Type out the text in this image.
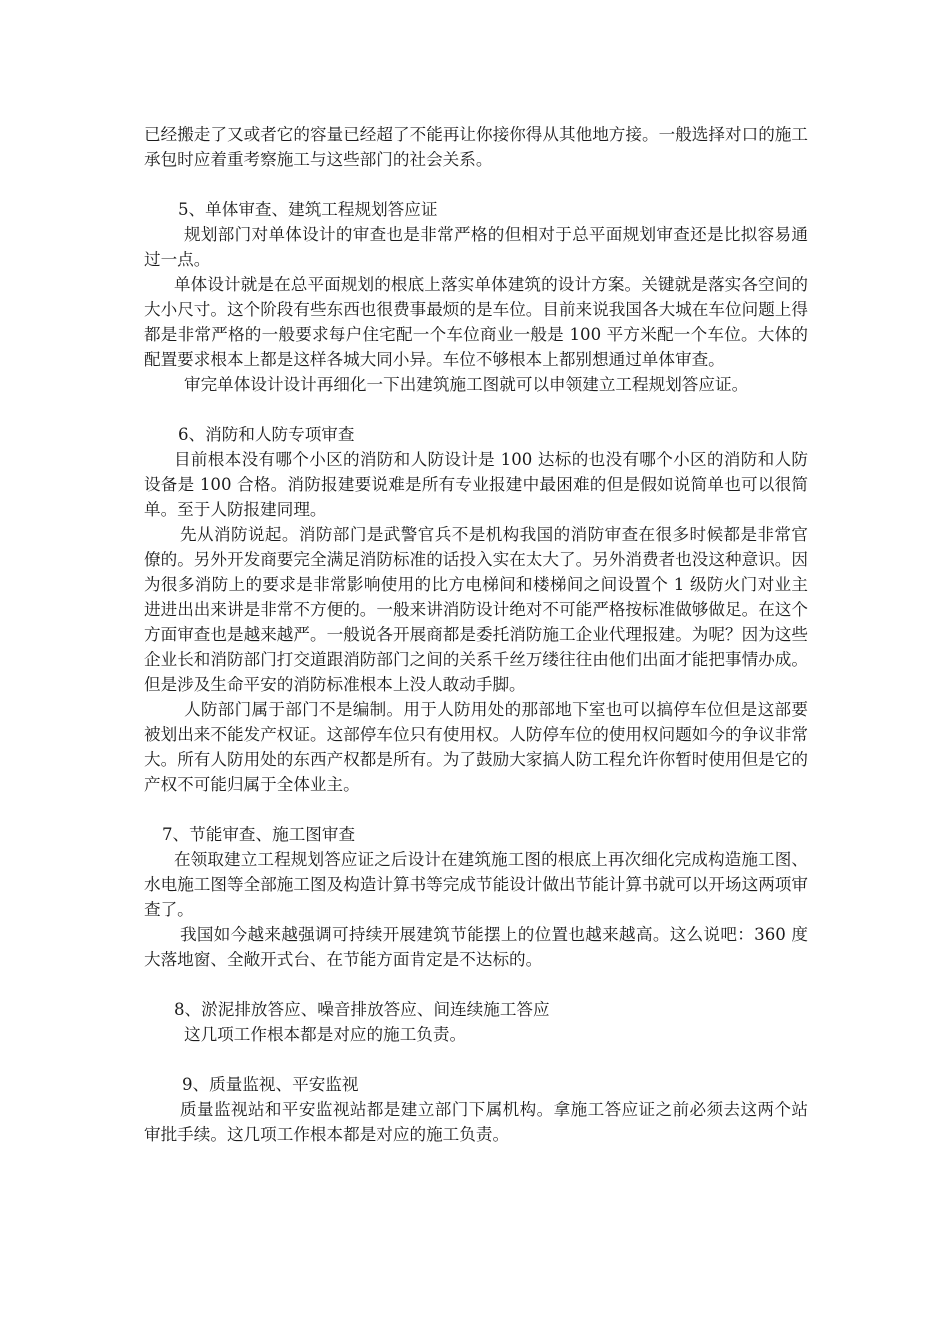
已经搬走了又或者它的容量已经超了不能再让你接你得从其他地方接。一般选择对口的施工承包时应着重考察施工与这些部门的社会关系。

5、单体审查、建筑工程规划答应证

规划部门对单体设计的审查也是非常严格的但相对于总平面规划审查还是比拟容易通过一点。

单体设计就是在总平面规划的根底上落实单体建筑的设计方案。关键就是落实各空间的大小尺寸。这个阶段有些东西也很费事最烦的是车位。目前来说我国各大城在车位问题上得都是非常严格的一般要求每户住宅配一个车位商业一般是 100 平方米配一个车位。大体的配置要求根本上都是这样各城大同小异。车位不够根本上都别想通过单体审查。

审完单体设计设计再细化一下出建筑施工图就可以申领建立工程规划答应证。

6、消防和人防专项审查

目前根本没有哪个小区的消防和人防设计是 100 达标的也没有哪个小区的消防和人防设备是 100 合格。消防报建要说难是所有专业报建中最困难的但是假如说简单也可以很简单。至于人防报建同理。

先从消防说起。消防部门是武警官兵不是机构我国的消防审查在很多时候都是非常官僚的。另外开发商要完全满足消防标准的话投入实在太大了。另外消费者也没这种意识。因为很多消防上的要求是非常影响使用的比方电梯间和楼梯间之间设置个 1 级防火门对业主进进出出来讲是非常不方便的。一般来讲消防设计绝对不可能严格按标准做够做足。在这个方面审查也是越来越严。一般说各开展商都是委托消防施工企业代理报建。为呢？因为这些企业长和消防部门打交道跟消防部门之间的关系千丝万缕往往由他们出面才能把事情办成。但是涉及生命平安的消防标准根本上没人敢动手脚。

人防部门属于部门不是编制。用于人防用处的那部地下室也可以搞停车位但是这部要被划出来不能发产权证。这部停车位只有使用权。人防停车位的使用权问题如今的争议非常大。所有人防用处的东西产权都是所有。为了鼓励大家搞人防工程允许你暂时使用但是它的产权不可能归属于全体业主。

7、节能审查、施工图审查

在领取建立工程规划答应证之后设计在建筑施工图的根底上再次细化完成构造施工图、水电施工图等全部施工图及构造计算书等完成节能设计做出节能计算书就可以开场这两项审查了。

我国如今越来越强调可持续开展建筑节能摆上的位置也越来越高。这么说吧：360 度大落地窗、全敞开式台、在节能方面肯定是不达标的。

8、淤泥排放答应、噪音排放答应、间连续施工答应

这几项工作根本都是对应的施工负责。

9、质量监视、平安监视

质量监视站和平安监视站都是建立部门下属机构。拿施工答应证之前必须去这两个站审批手续。这几项工作根本都是对应的施工负责。
